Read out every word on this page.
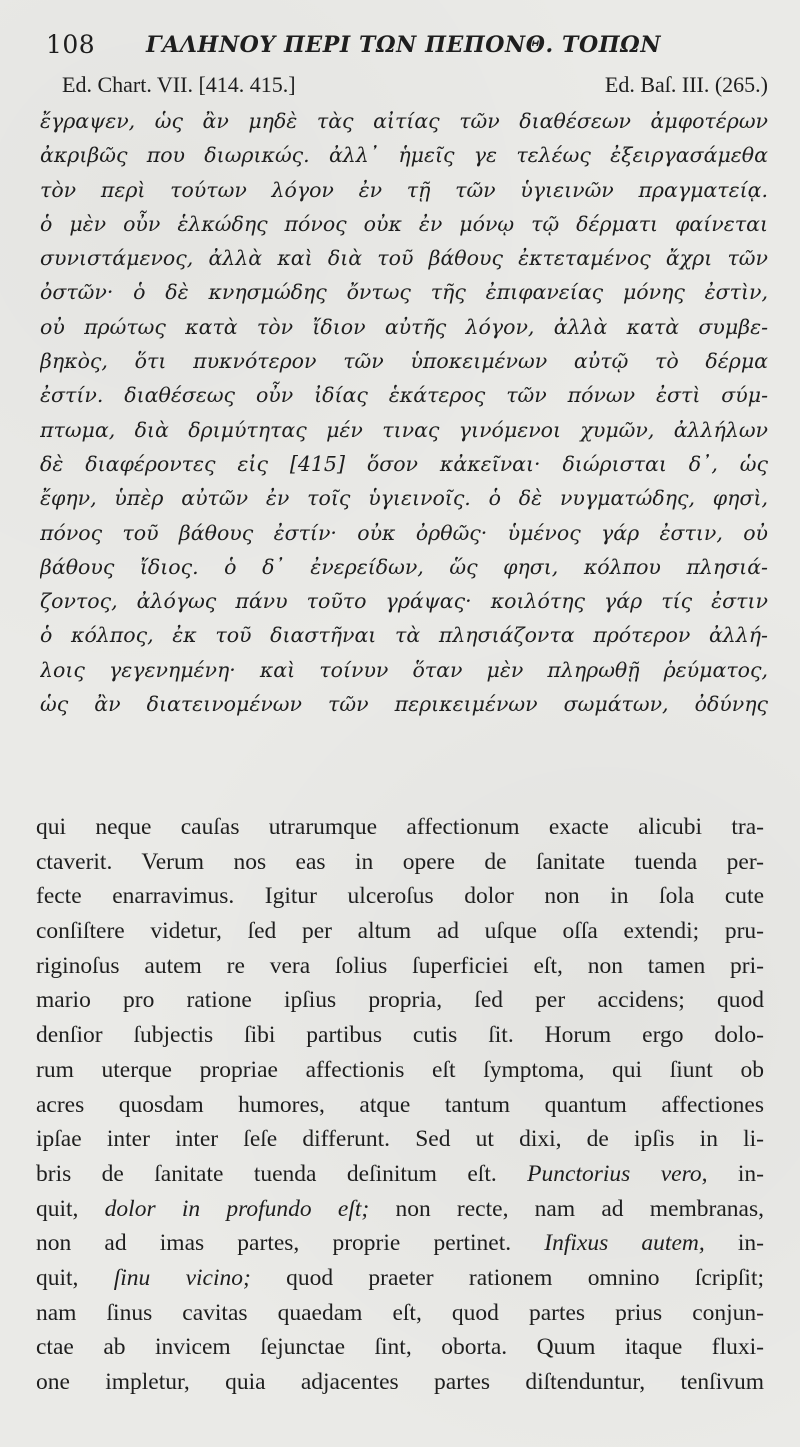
108 ΓΑΛΗΝΟΥ ΠΕΡΙ ΤΩΝ ΠΕΠΟΝΘ. ΤΟΠΩΝ
Ed. Chart. VII. [414. 415.]	Ed. Baſ. III. (265.)
ἔγραψεν, ὡς ἂν μηδὲ τὰς αἰτίας τῶν διαθέσεων ἀμφοτέρων
ἀκριβῶς που διωρικώς. ἀλλ᾽ ἡμεῖς γε τελέως ἐξειργασάμεθα
τὸν περὶ τούτων λόγον ἐν τῇ τῶν ὑγιεινῶν πραγματείᾳ.
ὁ μὲν οὖν ἑλκώδης πόνος οὐκ ἐν μόνῳ τῷ δέρματι φαίνεται
συνιστάμενος, ἀλλὰ καὶ διὰ τοῦ βάθους ἐκτεταμένος ἄχρι τῶν
ὀστῶν· ὁ δὲ κνησμώδης ὄντως τῆς ἐπιφανείας μόνης ἐστὶν,
οὐ πρώτως κατὰ τὸν ἴδιον αὐτῆς λόγον, ἀλλὰ κατὰ συμβε-
βηκὸς, ὅτι πυκνότερον τῶν ὑποκειμένων αὐτῷ τὸ δέρμα
ἐστίν. διαθέσεως οὖν ἰδίας ἑκάτερος τῶν πόνων ἐστὶ σύμ-
πτωμα, διὰ δριμύτητας μέν τινας γινόμενοι χυμῶν, ἀλλήλων
δὲ διαφέροντες εἰς [415] ὅσον κἀκεῖναι· διώρισται δ᾽, ὡς
ἔφην, ὑπὲρ αὐτῶν ἐν τοῖς ὑγιεινοῖς. ὁ δὲ νυγματώδης, φησὶ,
πόνος τοῦ βάθους ἐστίν· οὐκ ὀρθῶς· ὑμένος γάρ ἐστιν, οὐ
βάθους ἴδιος. ὁ δ᾽ ἐνερείδων, ὥς φησι, κόλπου πλησιά-
ζοντος, ἀλόγως πάνυ τοῦτο γράψας· κοιλότης γάρ τίς ἐστιν
ὁ κόλπος, ἐκ τοῦ διαστῆναι τὰ πλησιάζοντα πρότερον ἀλλή-
λοις γεγενημένη· καὶ τοίνυν ὅταν μὲν πληρωθῇ ῥεύματος,
ὡς ἂν διατεινομένων τῶν περικειμένων σωμάτων, ὀδύνης
qui neque cauſas utrarumque affectionum exacte alicubi tra-
ctaverit. Verum nos eas in opere de ſanitate tuenda per-
fecte enarravimus. Igitur ulceroſus dolor non in ſola cute
conſiſtere videtur, ſed per altum ad uſque oſſa extendi; pru-
riginoſus autem re vera ſolius ſuperficiei eſt, non tamen pri-
mario pro ratione ipſius propria, ſed per accidens; quod
denſior ſubjectis ſibi partibus cutis ſit. Horum ergo dolo-
rum uterque propriae affectionis eſt ſymptoma, qui ſiunt ob
acres quosdam humores, atque tantum quantum affectiones
ipſae inter inter ſeſe differunt. Sed ut dixi, de ipſis in li-
bris de ſanitate tuenda deſinitum eſt. Punctorius vero, in-
quit, dolor in profundo eſt; non recte, nam ad membranas,
non ad imas partes, proprie pertinet. Infixus autem, in-
quit, ſinu vicino; quod praeter rationem omnino ſcripſit;
nam ſinus cavitas quaedam eſt, quod partes prius conjun-
ctae ab invicem ſejunctae ſint, oborta. Quum itaque fluxi-
one impletur, quia adjacentes partes diſtenduntur, tenſivum
